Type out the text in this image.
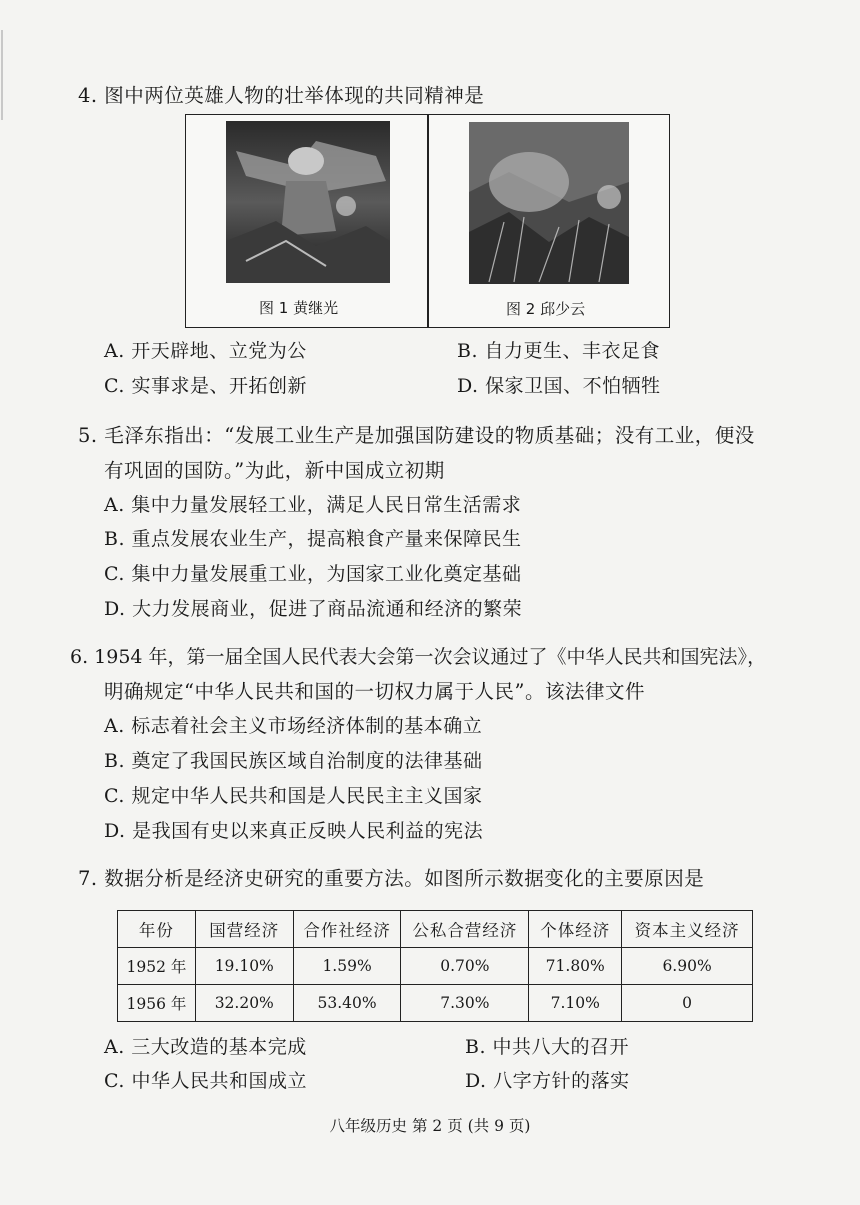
4. 图中两位英雄人物的壮举体现的共同精神是
图 1 黄继光	图 2 邱少云
A. 开天辟地、立党为公	B. 自力更生、丰衣足食
C. 实事求是、开拓创新	D. 保家卫国、不怕牺牲
5. 毛泽东指出：“发展工业生产是加强国防建设的物质基础；没有工业，便没
有巩固的国防。”为此，新中国成立初期
A. 集中力量发展轻工业，满足人民日常生活需求
B. 重点发展农业生产，提高粮食产量来保障民生
C. 集中力量发展重工业，为国家工业化奠定基础
D. 大力发展商业，促进了商品流通和经济的繁荣
6. 1954 年，第一届全国人民代表大会第一次会议通过了《中华人民共和国宪法》，
明确规定“中华人民共和国的一切权力属于人民”。该法律文件
A. 标志着社会主义市场经济体制的基本确立
B. 奠定了我国民族区域自治制度的法律基础
C. 规定中华人民共和国是人民民主主义国家
D. 是我国有史以来真正反映人民利益的宪法
7. 数据分析是经济史研究的重要方法。如图所示数据变化的主要原因是
年份	国营经济	合作社经济	公私合营经济	个体经济	资本主义经济
1952 年	19.10%	1.59%	0.70%	71.80%	6.90%
1956 年	32.20%	53.40%	7.30%	7.10%	0
A. 三大改造的基本完成	B. 中共八大的召开
C. 中华人民共和国成立	D. 八字方针的落实
八年级历史 第 2 页 (共 9 页)
